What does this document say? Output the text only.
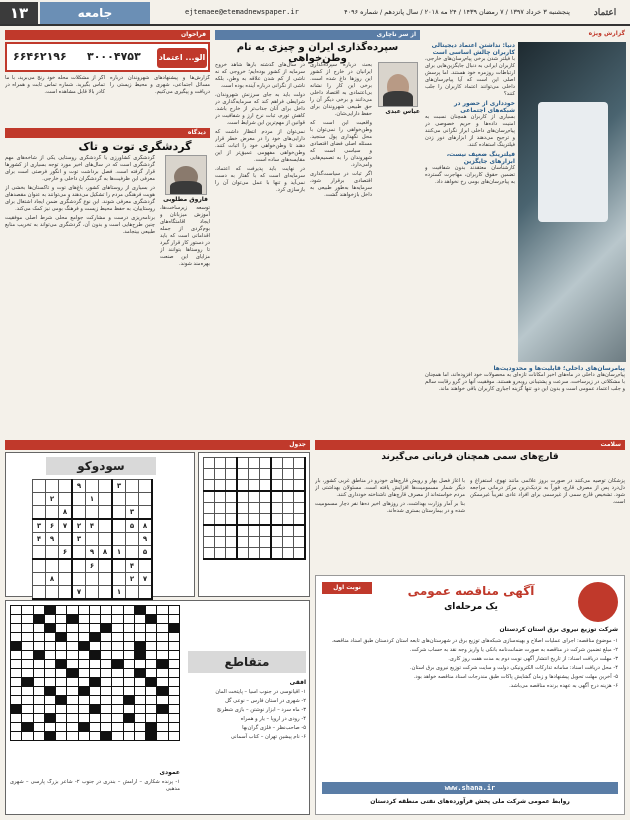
۱۳	جامعه	ejtemaee@etemadnewspaper.ir	پنجشنبه ۳ خرداد ۱۳۹۷ / ۷ رمضان ۱۴۳۹ / ۲۴ مه ۲۰۱۸ / سال پانزدهم / شماره ۴۰۹۶	اعتماد
فراخوان
۶۶۴۶۲۱۹۶ ۳۰۰۰۴۷۵۳ الو... اعتماد

اگر از مشکلات محله خود رنج می‌برید، با ما تماس بگیرید. شماره تماس ثابت و همراه در کادر بالا قابل مشاهده است.

گزارش‌ها و پیشنهادهای شهروندان درباره مسائل اجتماعی، شهری و محیط زیستی را دریافت و پیگیری می‌کنیم.

دیدگاه
گردشگری توت و تاک
فاروق مطلوبی

گردشگری کشاورزی یا گردشگری روستایی یکی از شاخه‌های مهم گردشگری است که در سال‌های اخیر مورد توجه بسیاری از کشورها قرار گرفته است. فصل برداشت توت و انگور فرصتی است برای معرفی این ظرفیت‌ها به گردشگران داخلی و خارجی.

در بسیاری از روستاهای کشور، باغ‌های توت و تاکستان‌ها بخشی از هویت فرهنگی مردم را تشکیل می‌دهند و می‌توانند به عنوان مقصدهای گردشگری معرفی شوند. این نوع گردشگری ضمن ایجاد اشتغال برای روستاییان، به حفظ محیط زیست و فرهنگ بومی نیز کمک می‌کند.

برنامه‌ریزی درست و مشارکت جوامع محلی شرط اصلی موفقیت چنین طرح‌هایی است و بدون آن، گردشگری می‌تواند به تخریب منابع طبیعی بینجامد.

توسعه زیرساخت‌ها، آموزش میزبانان و ایجاد اقامتگاه‌های بوم‌گردی از جمله اقداماتی است که باید در دستور کار قرار گیرد تا روستاها بتوانند از مزایای این صنعت بهره‌مند شوند.

از سر ناچاری
سپرده‌گذاری ایران و چیزی به نام وطن‌خواهی
عباس عبدی

بحث درباره سپرده‌گذاری ایرانیان در خارج از کشور این روزها داغ شده است. برخی این کار را نشانه بی‌اعتمادی به اقتصاد داخلی می‌دانند و برخی دیگر آن را حق طبیعی شهروندان برای حفظ دارایی‌شان.

واقعیت این است که وطن‌خواهی را نمی‌توان با محل نگهداری پول سنجید. مسئله اصلی فضای اقتصادی و سیاسی است که شهروندان را به تصمیم‌هایی وامی‌دارد.

اگر ثبات در سیاست‌گذاری اقتصادی برقرار شود، سرمایه‌ها به‌طور طبیعی به داخل بازخواهند گشت.

در سال‌های گذشته بارها شاهد خروج سرمایه از کشور بوده‌ایم؛ خروجی که نه ناشی از کم شدن علاقه به وطن، بلکه ناشی از نگرانی درباره آینده بوده است.

دولت باید به جای سرزنش شهروندان، شرایطی فراهم کند که سرمایه‌گذاری در داخل برای آنان جذاب‌تر از خارج باشد. کاهش تورم، ثبات نرخ ارز و شفافیت در قوانین از مهم‌ترین این شرایط است.

نمی‌توان از مردم انتظار داشت که دارایی‌های خود را در معرض خطر قرار دهند تا وطن‌خواهی خود را اثبات کنند. وطن‌خواهی مفهومی عمیق‌تر از این مقایسه‌های ساده است.

در نهایت باید پذیرفت که اعتماد، سرمایه‌ای است که با گفتار به دست نمی‌آید و تنها با عمل می‌توان آن را بازسازی کرد.

گزارش ویژه
دنیا: نداشتن اعتماد دیجیتالی کاربران چالش اساسی است

با فیلتر شدن برخی پیام‌رسان‌های خارجی، کاربران ایرانی به دنبال جایگزین‌هایی برای ارتباطات روزمره خود هستند. اما پرسش اصلی این است که آیا پیام‌رسان‌های داخلی می‌توانند اعتماد کاربران را جلب کنند؟

خودداری از حضور در شبکه‌های اجتماعی

بسیاری از کاربران همچنان نسبت به امنیت داده‌ها و حریم خصوصی در پیام‌رسان‌های داخلی ابراز نگرانی می‌کنند و ترجیح می‌دهند از ابزارهای دور زدن فیلترینگ استفاده کنند.

فیلترینگ ضعیف نیست، ابزارهای جایگزین

کارشناسان معتقدند بدون شفافیت و تضمین حقوق کاربران، مهاجرت گسترده به پیام‌رسان‌های بومی رخ نخواهد داد.

پیامرسان‌های داخلی؛ قابلیت‌ها و محدودیت‌ها

پیام‌رسان‌های داخلی در ماه‌های اخیر امکانات تازه‌ای به محصولات خود افزوده‌اند، اما همچنان با مشکلاتی در زیرساخت، سرعت و پشتیبانی روبه‌رو هستند. موفقیت آنها در گرو رقابت سالم و جلب اعتماد عمومی است و بدون این دو، تنها گزینه اجباری کاربران باقی خواهند ماند.

جدول
سودوکو
			۹			۳		
	۲			۱				
		۸					۳	
۳	۶	۷	۲	۴			۵	۸
۴	۹		۳					۹
		۶		۹	۸	۱		۵
				۶			۴	
	۸						۲	۷
			۷			۱		

سلامت
قارچ‌های سمی همچنان قربانی می‌گیرند

با آغاز فصل بهار و رویش قارچ‌های خودرو در مناطق غربی کشور، بار دیگر شمار مسمومیت‌ها افزایش یافته است. مسئولان بهداشتی از مردم خواسته‌اند از مصرف قارچ‌های ناشناخته خودداری کنند.

بنا بر آمار وزارت بهداشت، در روزهای اخیر ده‌ها نفر دچار مسمومیت شده و در بیمارستان بستری شده‌اند.

پزشکان توصیه می‌کنند در صورت بروز علائمی مانند تهوع، استفراغ و دل‌درد پس از مصرف قارچ، فوراً به نزدیک‌ترین مرکز درمانی مراجعه شود. تشخیص قارچ سمی از غیرسمی برای افراد عادی تقریباً غیرممکن است.

متقاطع
افقی

۱- اقیانوسی در جنوب آسیا – پایتخت آلمان

۲- شهری در استان فارس – نوعی گل

۳- ماه سرد – ابزار نوشتن – بازی شطرنج

۴- رودی در اروپا – یار و همراه

۵- صاحب‌نظر – فلزی گران‌بها

۶- نام پیشین تهران – کتاب آسمانی

عمودی

۱- پرنده شکاری – آرامش – بندری در جنوب ۲- شاعر بزرگ پارسی – شهری مذهبی

نوبت اول	آگهی مناقصه عمومی
یک مرحله‌ای
شرکت توزیع نیروی برق استان کردستان

۱- موضوع مناقصه: اجرای عملیات اصلاح و بهینه‌سازی شبکه‌های توزیع برق در شهرستان‌های تابعه استان کردستان طبق اسناد مناقصه.

۲- مبلغ تضمین شرکت در مناقصه به صورت ضمانت‌نامه بانکی یا واریز وجه نقد به حساب شرکت.

۳- مهلت دریافت اسناد: از تاریخ انتشار آگهی نوبت دوم به مدت هفت روز کاری.

۴- محل دریافت اسناد: سامانه تدارکات الکترونیکی دولت و سایت شرکت توزیع نیروی برق استان.

۵- آخرین مهلت تحویل پیشنهادها و زمان گشایش پاکات طبق مندرجات اسناد مناقصه خواهد بود.

۶- هزینه درج آگهی به عهده برنده مناقصه می‌باشد.

www.shana.ir
روابط عمومی شرکت ملی پخش فرآورده‌های نفتی منطقه کردستان
